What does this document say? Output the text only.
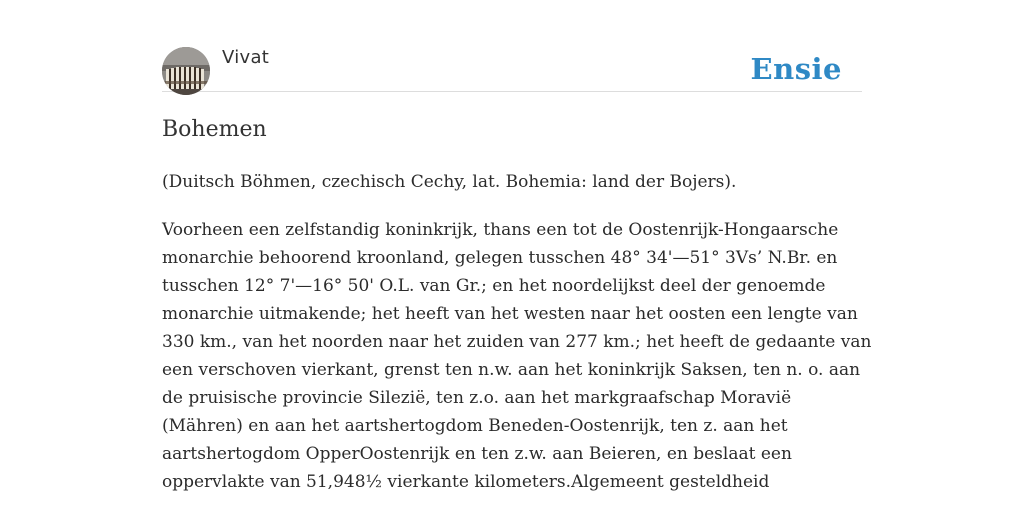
Vivat	Ensie
Bohemen

(Duitsch Böhmen, czechisch Cechy, lat. Bohemia: land der Bojers).

Voorheen een zelfstandig koninkrijk, thans een tot de Oostenrijk-Hongaarsche
monarchie behoorend kroonland, gelegen tusschen 48° 34'—51° 3Vs’ N.Br. en
tusschen 12° 7'—16° 50' O.L. van Gr.; en het noordelijkst deel der genoemde
monarchie uitmakende; het heeft van het westen naar het oosten een lengte van
330 km., van het noorden naar het zuiden van 277 km.; het heeft de gedaante van
een verschoven vierkant, grenst ten n.w. aan het koninkrijk Saksen, ten n. o. aan
de pruisische provincie Silezië, ten z.o. aan het markgraafschap Moravië
(Mähren) en aan het aartshertogdom Beneden-Oostenrijk, ten z. aan het
aartshertogdom OpperOostenrijk en ten z.w. aan Beieren, en beslaat een
oppervlakte van 51,948½ vierkante kilometers.Algemeent gesteldheid
